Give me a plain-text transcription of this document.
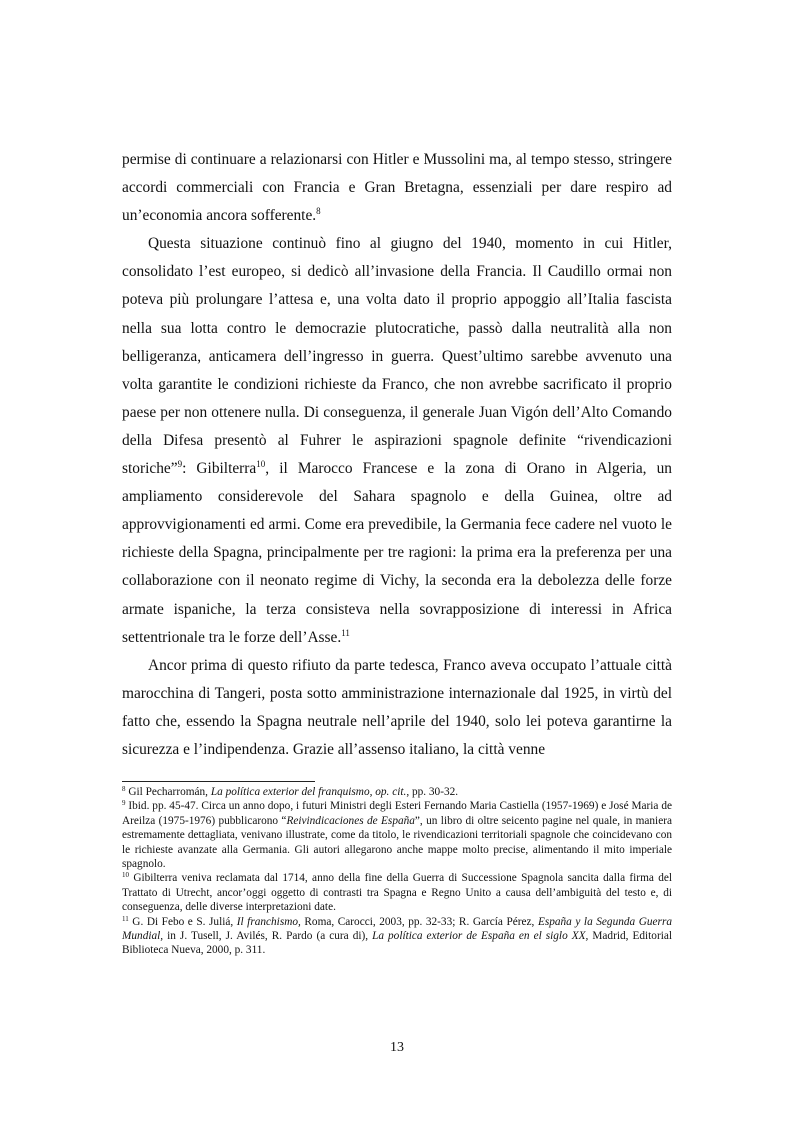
permise di continuare a relazionarsi con Hitler e Mussolini ma, al tempo stesso, stringere accordi commerciali con Francia e Gran Bretagna, essenziali per dare respiro ad un’economia ancora sofferente.$^8$

Questa situazione continuò fino al giugno del 1940, momento in cui Hitler, consolidato l’est europeo, si dedicò all’invasione della Francia. Il Caudillo ormai non poteva più prolungare l’attesa e, una volta dato il proprio appoggio all’Italia fascista nella sua lotta contro le democrazie plutocratiche, passò dalla neutralità alla non belligeranza, anticamera dell’ingresso in guerra. Quest’ultimo sarebbe avvenuto una volta garantite le condizioni richieste da Franco, che non avrebbe sacrificato il proprio paese per non ottenere nulla. Di conseguenza, il generale Juan Vigón dell’Alto Comando della Difesa presentò al Fuhrer le aspirazioni spagnole definite “rivendicazioni storiche”$^9$: Gibilterra$^{10}$, il Marocco Francese e la zona di Orano in Algeria, un ampliamento considerevole del Sahara spagnolo e della Guinea, oltre ad approvvigionamenti ed armi. Come era prevedibile, la Germania fece cadere nel vuoto le richieste della Spagna, principalmente per tre ragioni: la prima era la preferenza per una collaborazione con il neonato regime di Vichy, la seconda era la debolezza delle forze armate ispaniche, la terza consisteva nella sovrapposizione di interessi in Africa settentrionale tra le forze dell’Asse.$^{11}$

Ancor prima di questo rifiuto da parte tedesca, Franco aveva occupato l’attuale città marocchina di Tangeri, posta sotto amministrazione internazionale dal 1925, in virtù del fatto che, essendo la Spagna neutrale nell’aprile del 1940, solo lei poteva garantirne la sicurezza e l’indipendenza. Grazie all’assenso italiano, la città venne

$^8$ Gil Pecharromán, La política exterior del franquismo, op. cit., pp. 30-32.

$^9$ Ibid. pp. 45-47. Circa un anno dopo, i futuri Ministri degli Esteri Fernando Maria Castiella (1957-1969) e José Maria de Areilza (1975-1976) pubblicarono “Reivindicaciones de España”, un libro di oltre seicento pagine nel quale, in maniera estremamente dettagliata, venivano illustrate, come da titolo, le rivendicazioni territoriali spagnole che coincidevano con le richieste avanzate alla Germania. Gli autori allegarono anche mappe molto precise, alimentando il mito imperiale spagnolo.

$^{10}$ Gibilterra veniva reclamata dal 1714, anno della fine della Guerra di Successione Spagnola sancita dalla firma del Trattato di Utrecht, ancor’oggi oggetto di contrasti tra Spagna e Regno Unito a causa dell’ambiguità del testo e, di conseguenza, delle diverse interpretazioni date.

$^{11}$ G. Di Febo e S. Juliá, Il franchismo, Roma, Carocci, 2003, pp. 32-33; R. García Pérez, España y la Segunda Guerra Mundial, in J. Tusell, J. Avilés, R. Pardo (a cura di), La política exterior de España en el siglo XX, Madrid, Editorial Biblioteca Nueva, 2000, p. 311.

13
